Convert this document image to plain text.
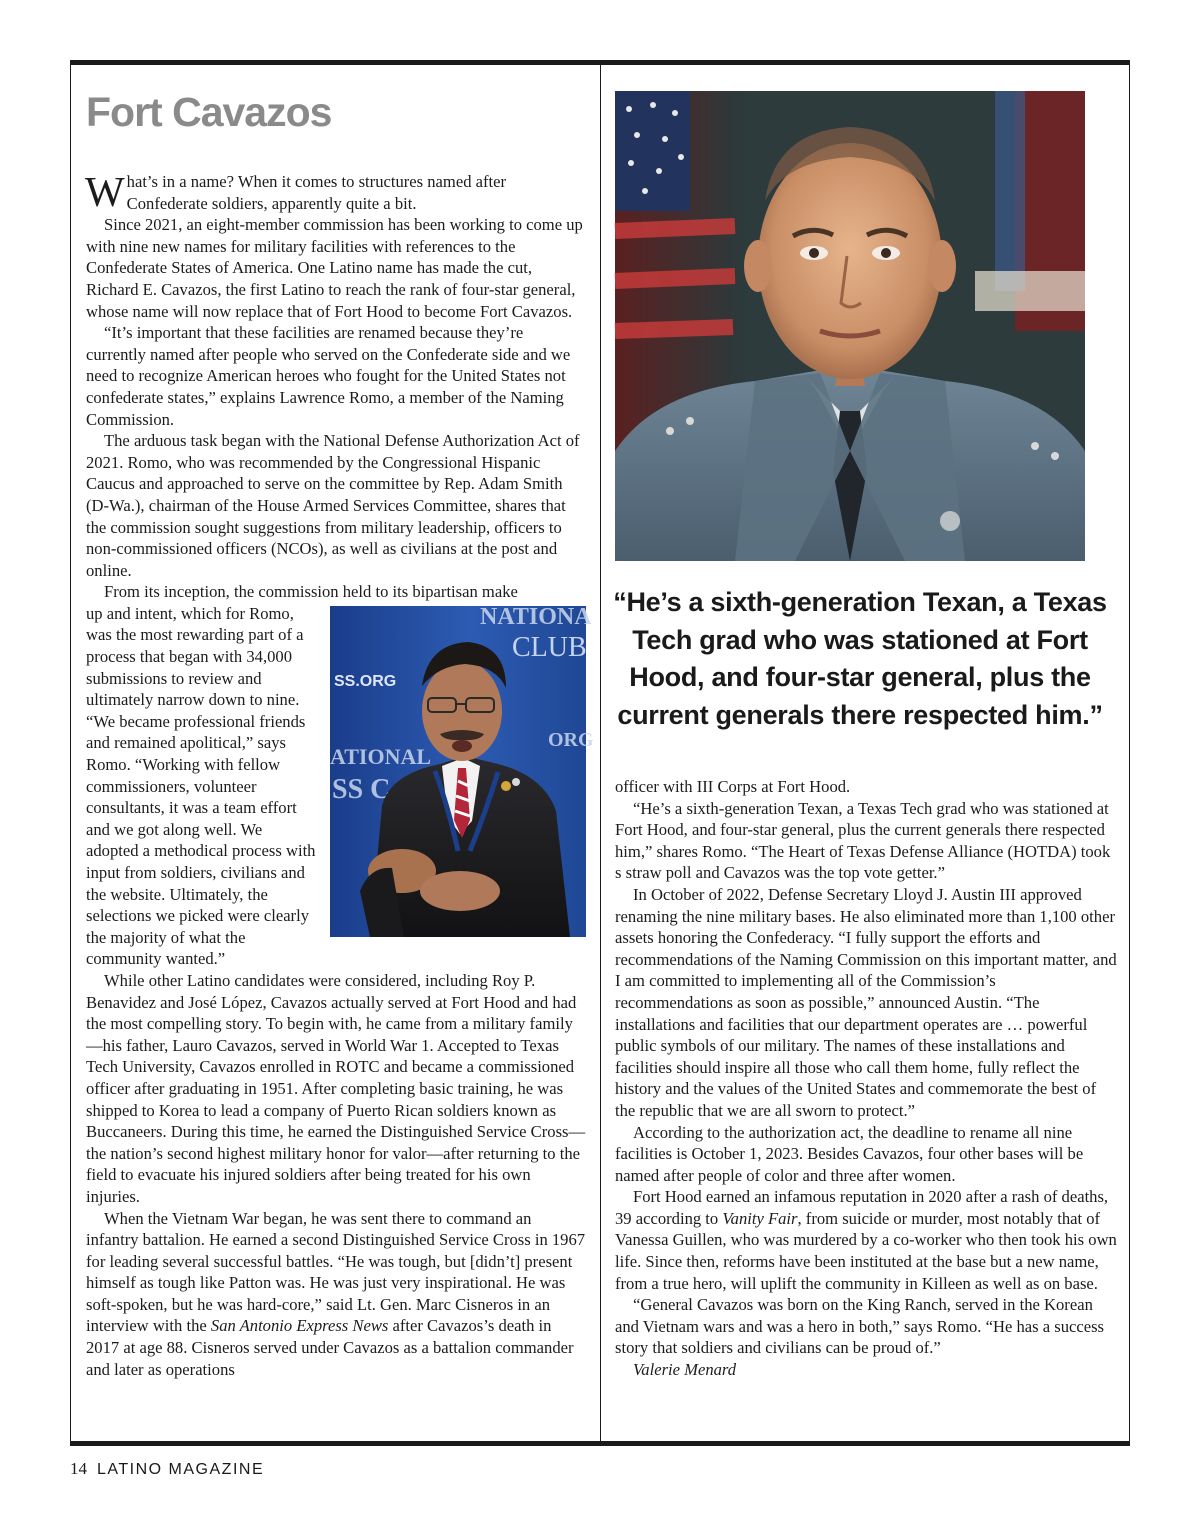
Fort Cavazos

What’s in a name? When it comes to structures named after Confederate soldiers, apparently quite a bit.

Since 2021, an eight-member commission has been working to come up with nine new names for military facilities with references to the Confederate States of America. One Latino name has made the cut, Richard E. Cavazos, the first Latino to reach the rank of four-star general, whose name will now replace that of Fort Hood to become Fort Cavazos.

“It’s important that these facilities are renamed because they’re currently named after people who served on the Confederate side and we need to recognize American heroes who fought for the United States not confederate states,” explains Lawrence Romo, a member of the Naming Commission.

The arduous task began with the National Defense Authorization Act of 2021. Romo, who was recommended by the Congressional Hispanic Caucus and approached to serve on the committee by Rep. Adam Smith (D-Wa.), chairman of the House Armed Services Committee, shares that the commission sought suggestions from military leadership, officers to non-commissioned officers (NCOs), as well as civilians at the post and online.

From its inception, the commission held to its bipartisan make

NATIONA
CLUB
SS.ORG
ATIONAL
SS C
ORG

up and intent, which for Romo, was the most rewarding part of a process that began with 34,000 submissions to review and ultimately narrow down to nine. “We became professional friends and remained apolitical,” says Romo. “Working with fellow commissioners, volunteer consultants, it was a team effort and we got along well. We adopted a methodical process with input from soldiers, civilians and the website. Ultimately, the selections we picked were clearly the majority of what the community wanted.”

While other Latino candidates were considered, including Roy P. Benavidez and José López, Cavazos actually served at Fort Hood and had the most compelling story. To begin with, he came from a military family—his father, Lauro Cavazos, served in World War 1. Accepted to Texas Tech University, Cavazos enrolled in ROTC and became a commissioned officer after graduating in 1951. After completing basic training, he was shipped to Korea to lead a company of Puerto Rican soldiers known as Buccaneers. During this time, he earned the Distinguished Service Cross—the nation’s second highest military honor for valor—after returning to the field to evacuate his injured soldiers after being treated for his own injuries.

When the Vietnam War began, he was sent there to command an infantry battalion. He earned a second Distinguished Service Cross in 1967 for leading several successful battles. “He was tough, but [didn’t] present himself as tough like Patton was. He was just very inspirational. He was soft-spoken, but he was hard-core,” said Lt. Gen. Marc Cisneros in an interview with the San Antonio Express News after Cavazos’s death in 2017 at age 88. Cisneros served under Cavazos as a battalion commander and later as operations

“He’s a sixth-generation Texan, a Texas Tech grad who was stationed at Fort Hood, and four-star general, plus the current generals there respected him.”

officer with III Corps at Fort Hood.

“He’s a sixth-generation Texan, a Texas Tech grad who was stationed at Fort Hood, and four-star general, plus the current generals there respected him,” shares Romo. “The Heart of Texas Defense Alliance (HOTDA) took s straw poll and Cavazos was the top vote getter.”

In October of 2022, Defense Secretary Lloyd J. Austin III approved renaming the nine military bases. He also eliminated more than 1,100 other assets honoring the Confederacy. “I fully support the efforts and recommendations of the Naming Commission on this important matter, and I am committed to implementing all of the Commission’s recommendations as soon as possible,” announced Austin. “The installations and facilities that our department operates are … powerful public symbols of our military. The names of these installations and facilities should inspire all those who call them home, fully reflect the history and the values of the United States and commemorate the best of the republic that we are all sworn to protect.”

According to the authorization act, the deadline to rename all nine facilities is October 1, 2023. Besides Cavazos, four other bases will be named after people of color and three after women.

Fort Hood earned an infamous reputation in 2020 after a rash of deaths, 39 according to Vanity Fair, from suicide or murder, most notably that of Vanessa Guillen, who was murdered by a co-worker who then took his own life. Since then, reforms have been instituted at the base but a new name, from a true hero, will uplift the community in Killeen as well as on base.

“General Cavazos was born on the King Ranch, served in the Korean and Vietnam wars and was a hero in both,” says Romo. “He has a success story that soldiers and civilians can be proud of.”

Valerie Menard

14 LATINO MAGAZINE
